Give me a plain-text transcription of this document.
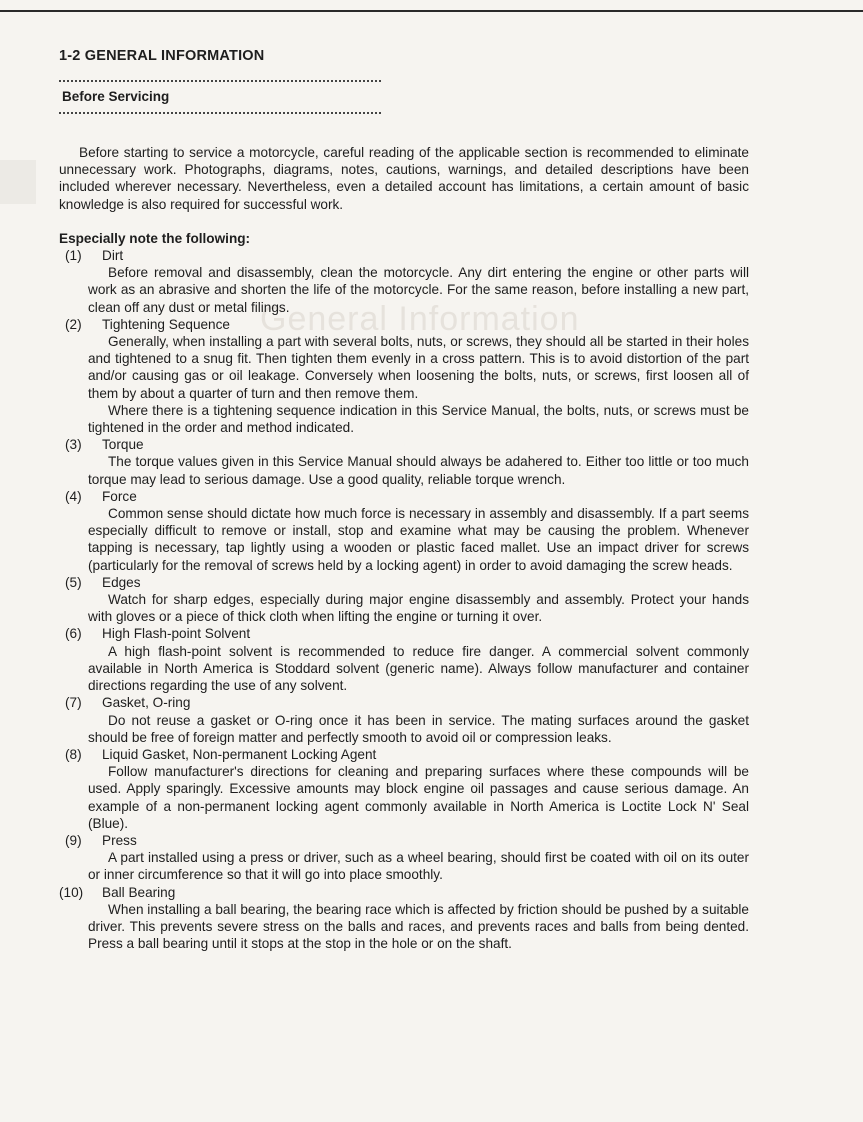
General Information
1-2 GENERAL INFORMATION
Before Servicing

Before starting to service a motorcycle, careful reading of the applicable section is recommended to eliminate unnecessary work. Photographs, diagrams, notes, cautions, warnings, and detailed descriptions have been included wherever necessary. Nevertheless, even a detailed account has limitations, a certain amount of basic knowledge is also required for successful work.

Especially note the following:
(1) Dirt

Before removal and disassembly, clean the motorcycle. Any dirt entering the engine or other parts will work as an abrasive and shorten the life of the motorcycle. For the same reason, before installing a new part, clean off any dust or metal filings.

(2) Tightening Sequence

Generally, when installing a part with several bolts, nuts, or screws, they should all be started in their holes and tightened to a snug fit. Then tighten them evenly in a cross pattern. This is to avoid distortion of the part and/or causing gas or oil leakage. Conversely when loosening the bolts, nuts, or screws, first loosen all of them by about a quarter of turn and then remove them.

Where there is a tightening sequence indication in this Service Manual, the bolts, nuts, or screws must be tightened in the order and method indicated.

(3) Torque

The torque values given in this Service Manual should always be adahered to. Either too little or too much torque may lead to serious damage. Use a good quality, reliable torque wrench.

(4) Force

Common sense should dictate how much force is necessary in assembly and disassembly. If a part seems especially difficult to remove or install, stop and examine what may be causing the problem. Whenever tapping is necessary, tap lightly using a wooden or plastic faced mallet. Use an impact driver for screws (particularly for the removal of screws held by a locking agent) in order to avoid damaging the screw heads.

(5) Edges

Watch for sharp edges, especially during major engine disassembly and assembly. Protect your hands with gloves or a piece of thick cloth when lifting the engine or turning it over.

(6) High Flash-point Solvent

A high flash-point solvent is recommended to reduce fire danger. A commercial solvent commonly available in North America is Stoddard solvent (generic name). Always follow manufacturer and container directions regarding the use of any solvent.

(7) Gasket, O-ring

Do not reuse a gasket or O-ring once it has been in service. The mating surfaces around the gasket should be free of foreign matter and perfectly smooth to avoid oil or compression leaks.

(8) Liquid Gasket, Non-permanent Locking Agent

Follow manufacturer's directions for cleaning and preparing surfaces where these compounds will be used. Apply sparingly. Excessive amounts may block engine oil passages and cause serious damage. An example of a non-permanent locking agent commonly available in North America is Loctite Lock N' Seal (Blue).

(9) Press

A part installed using a press or driver, such as a wheel bearing, should first be coated with oil on its outer or inner circumference so that it will go into place smoothly.

(10) Ball Bearing

When installing a ball bearing, the bearing race which is affected by friction should be pushed by a suitable driver. This prevents severe stress on the balls and races, and prevents races and balls from being dented. Press a ball bearing until it stops at the stop in the hole or on the shaft.
